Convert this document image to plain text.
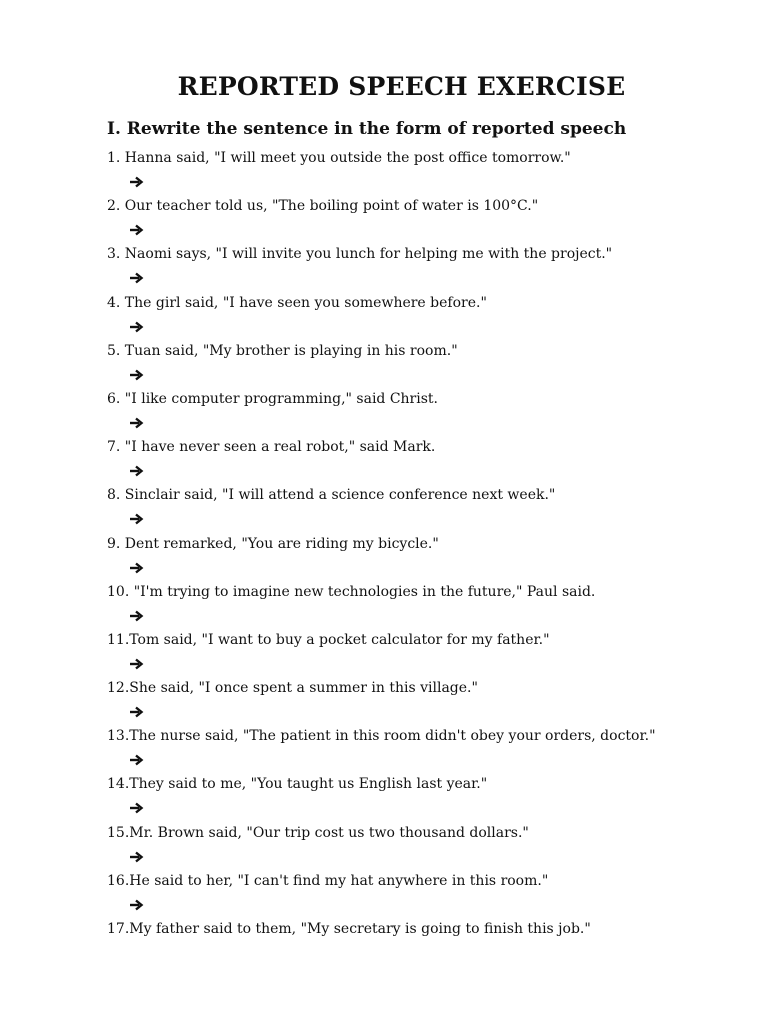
REPORTED SPEECH EXERCISE
I. Rewrite the sentence in the form of reported speech
1. Hanna said, "I will meet you outside the post office tomorrow."
2. Our teacher told us, "The boiling point of water is 100°C."
3. Naomi says, "I will invite you lunch for helping me with the project."
4. The girl said, "I have seen you somewhere before."
5. Tuan said, "My brother is playing in his room."
6. "I like computer programming," said Christ.
7. "I have never seen a real robot," said Mark.
8. Sinclair said, "I will attend a science conference next week."
9. Dent remarked, "You are riding my bicycle."
10. "I'm trying to imagine new technologies in the future," Paul said.
11.Tom said, "I want to buy a pocket calculator for my father."
12.She said, "I once spent a summer in this village."
13.The nurse said, "The patient in this room didn't obey your orders, doctor."
14.They said to me, "You taught us English last year."
15.Mr. Brown said, "Our trip cost us two thousand dollars."
16.He said to her, "I can't find my hat anywhere in this room."
17.My father said to them, "My secretary is going to finish this job."
